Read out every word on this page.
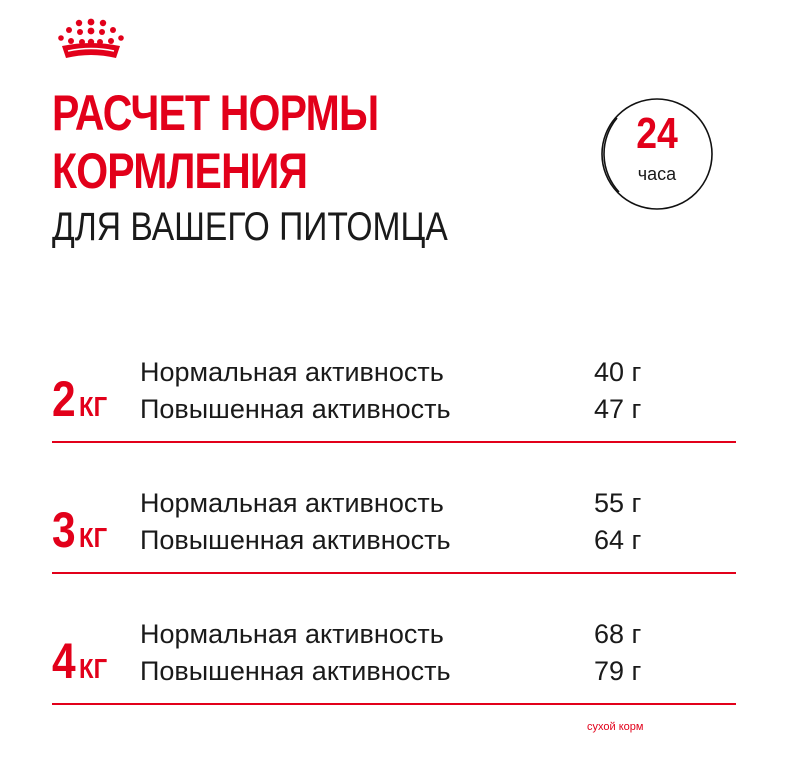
РАСЧЕТ НОРМЫ
КОРМЛЕНИЯ
ДЛЯ ВАШЕГО ПИТОМЦА
24
часа
2 КГ
Нормальная активность	40 г
Повышенная активность	47 г
3 КГ
Нормальная активность	55 г
Повышенная активность	64 г
4 КГ
Нормальная активность	68 г
Повышенная активность	79 г
сухой корм
